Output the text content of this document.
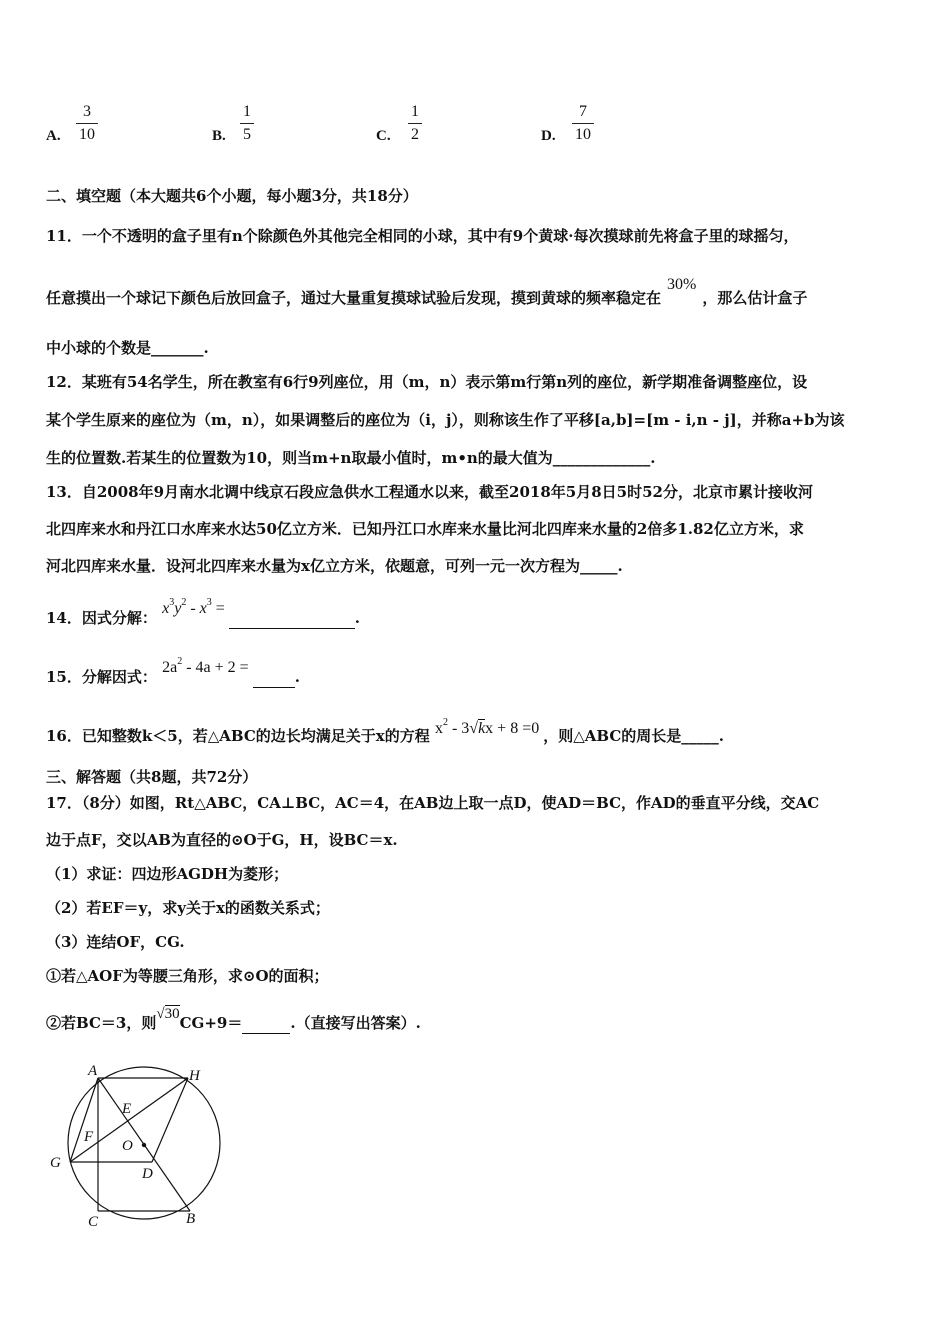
A.
3
10	B.
1
5	C.
1
2	D.
7
10
二、填空题（本大题共6个小题，每小题3分，共18分）
11．一个不透明的盒子里有n个除颜色外其他完全相同的小球，其中有9个黄球·每次摸球前先将盒子里的球摇匀，
任意摸出一个球记下颜色后放回盒子，通过大量重复摸球试验后发现，摸到黄球的频率稳定在30%，那么估计盒子
中小球的个数是_______.
12．某班有54名学生，所在教室有6行9列座位，用（m，n）表示第m行第n列的座位，新学期准备调整座位，设
某个学生原来的座位为（m，n），如果调整后的座位为（i，j），则称该生作了平移[a,b]=[m - i,n - j]，并称a+b为该
生的位置数.若某生的位置数为10，则当m+n取最小值时，m•n的最大值为_____________.
13．自2008年9月南水北调中线京石段应急供水工程通水以来，截至2018年5月8日5时52分，北京市累计接收河
北四库来水和丹江口水库来水达50亿立方米．已知丹江口水库来水量比河北四库来水量的2倍多1.82亿立方米，求
河北四库来水量．设河北四库来水量为x亿立方米，依题意，可列一元一次方程为_____.
14．因式分解： $x^3y^2 - x^3$ = .
15．分解因式： $2a^2 - 4a + 2$ = .
16．已知整数k＜5，若△ABC的边长均满足关于x的方程 $x^2 - 3√kx + 8 =0$ ，则△ABC的周长是_____.
三、解答题（共8题，共72分）
17．（8分）如图，Rt△ABC，CA⊥BC，AC＝4，在AB边上取一点D，使AD＝BC，作AD的垂直平分线，交AC
边于点F，交以AB为直径的⊙O于G，H，设BC＝x.
（1）求证：四边形AGDH为菱形；
（2）若EF＝y，求y关于x的函数关系式；
（3）连结OF，CG.
①若△AOF为等腰三角形，求⊙O的面积；
②若BC＝3，则√30CG+9＝	.（直接写出答案）.
A	H
E
F
O
G
D
C	B
